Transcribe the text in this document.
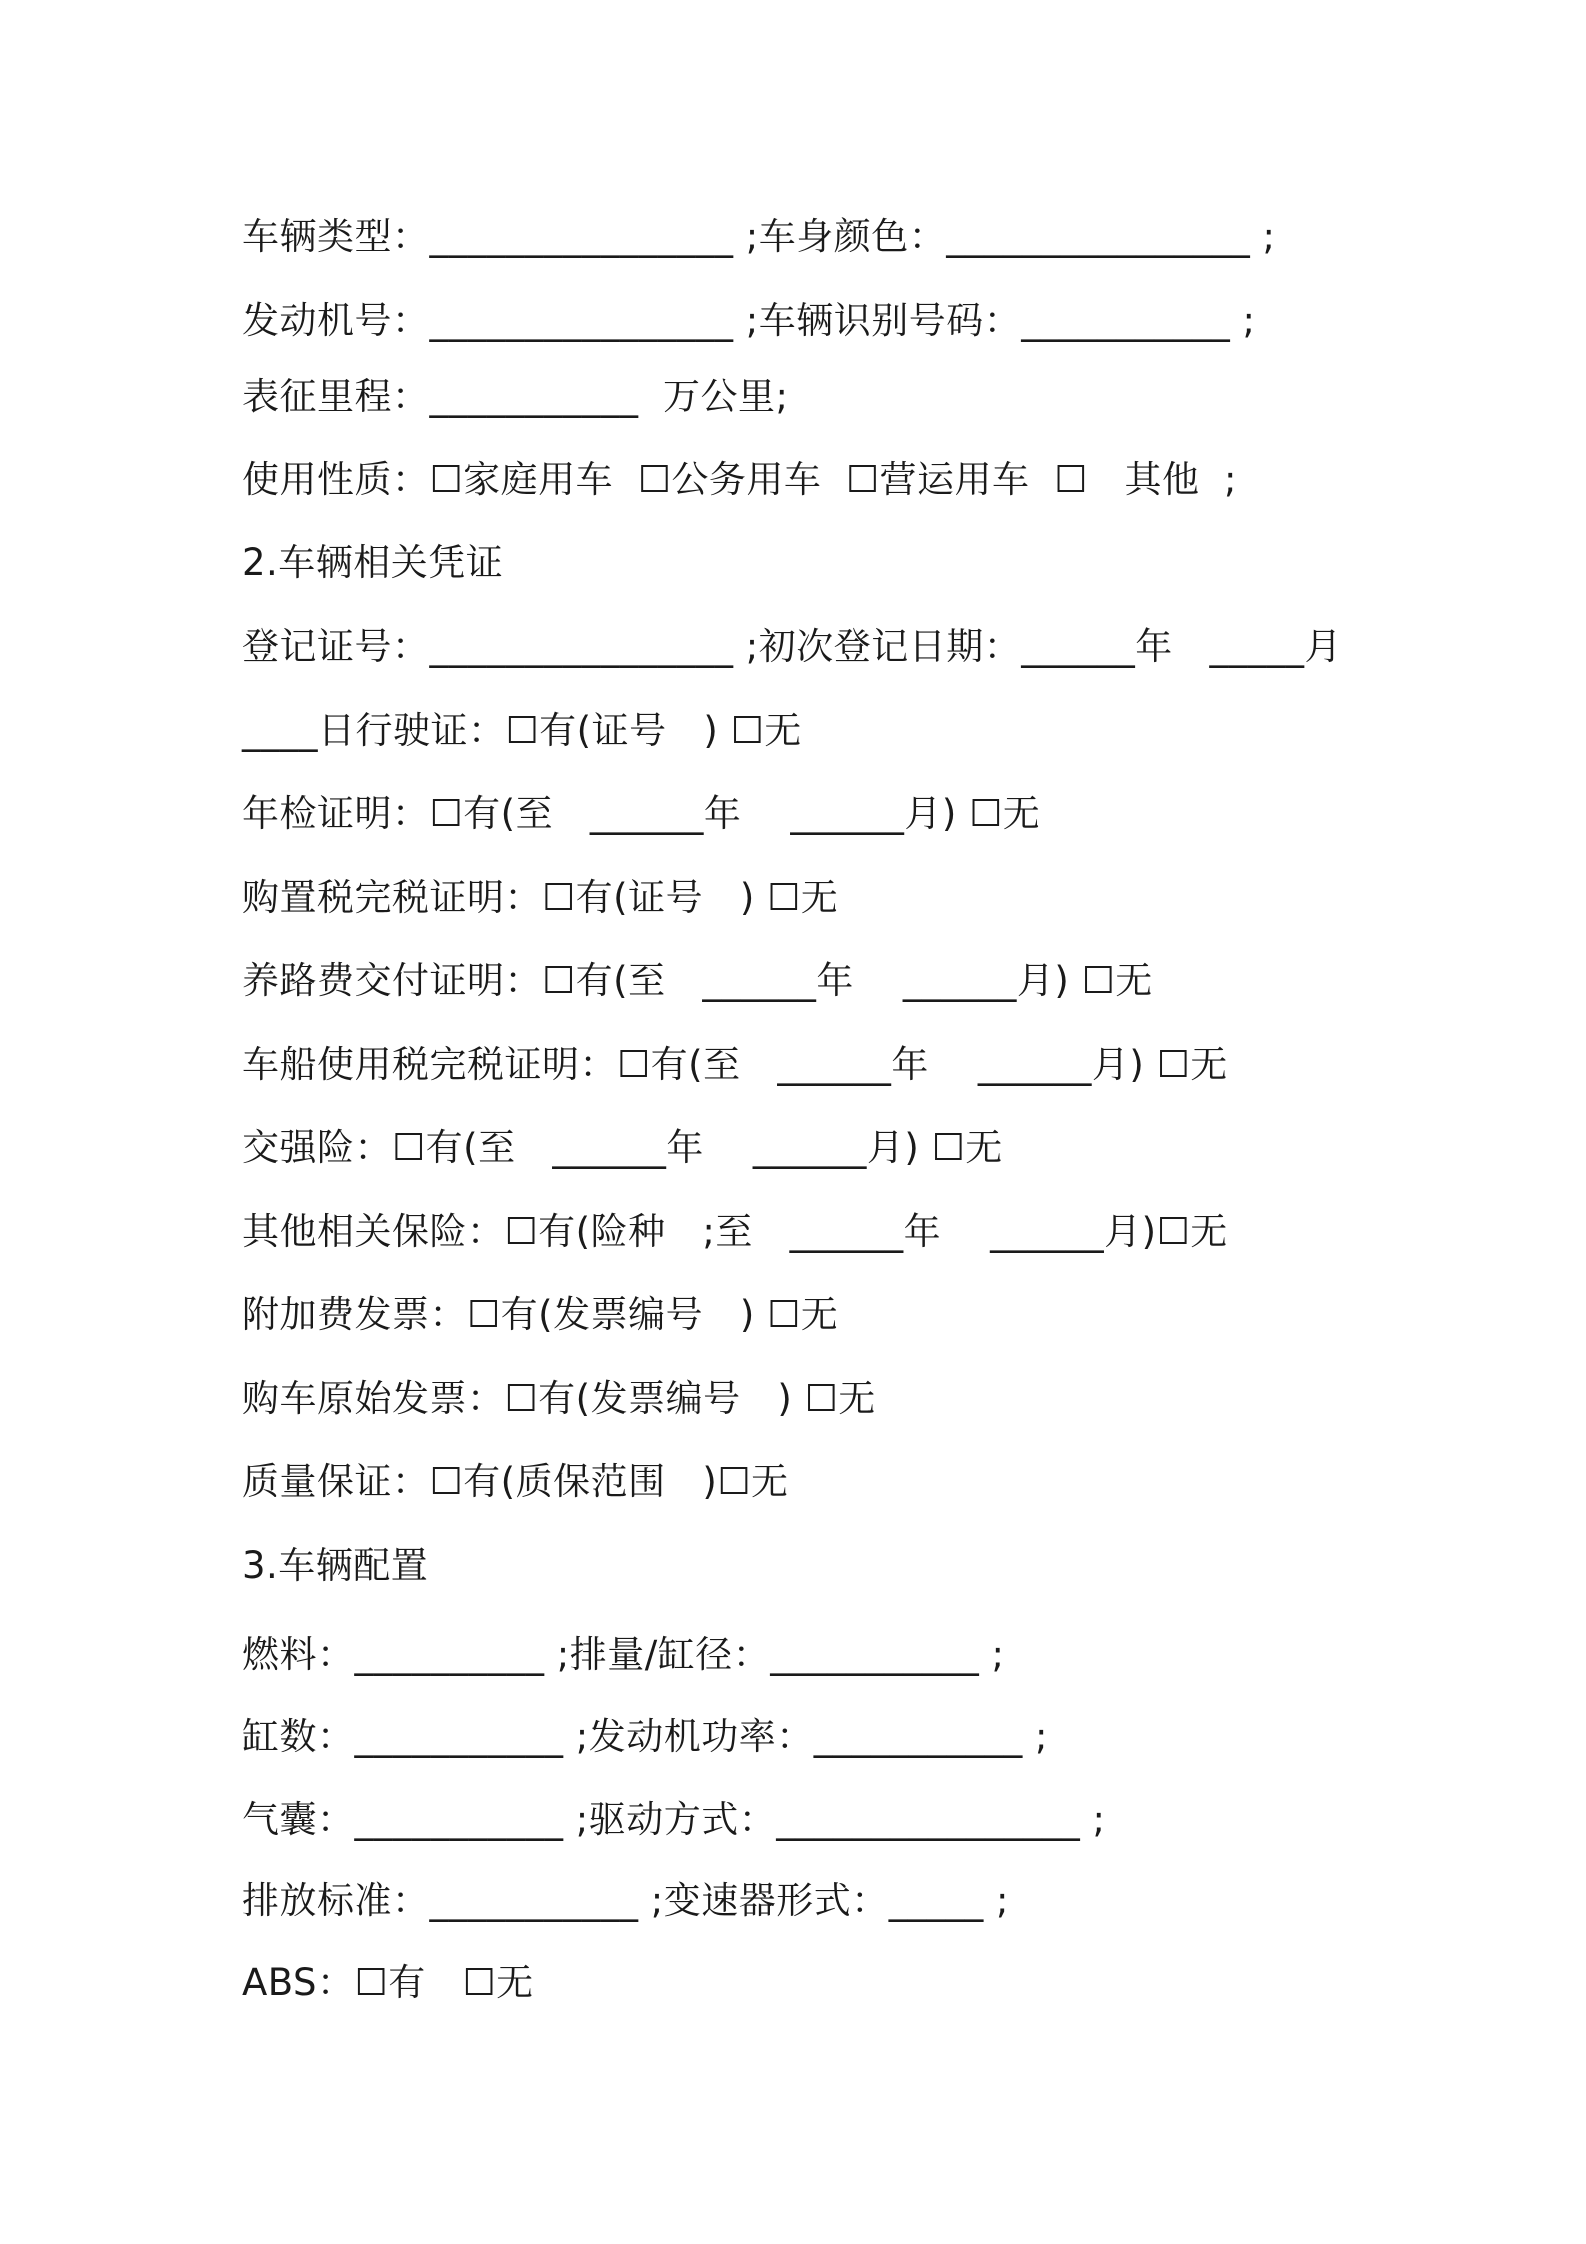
车辆类型：________________ ;车身颜色：________________ ;
发动机号：________________ ;车辆识别号码：___________ ;
表征里程：___________  万公里;
使用性质：☐家庭用车  ☐公务用车  ☐营运用车  ☐   其他  ;
2.车辆相关凭证
登记证号：________________ ;初次登记日期：______年   _____月
____日行驶证：☐有(证号   ) ☐无
年检证明：☐有(至   ______年    ______月) ☐无
购置税完税证明：☐有(证号   ) ☐无
养路费交付证明：☐有(至   ______年    ______月) ☐无
车船使用税完税证明：☐有(至   ______年    ______月) ☐无
交强险：☐有(至   ______年    ______月) ☐无
其他相关保险：☐有(险种   ;至   ______年    ______月)☐无
附加费发票：☐有(发票编号   ) ☐无
购车原始发票：☐有(发票编号   ) ☐无
质量保证：☐有(质保范围   )☐无
3.车辆配置
燃料：__________ ;排量/缸径：___________ ;
缸数：___________ ;发动机功率：___________ ;
气囊：___________ ;驱动方式：________________ ;
排放标准：___________ ;变速器形式：_____ ;
ABS：☐有   ☐无
